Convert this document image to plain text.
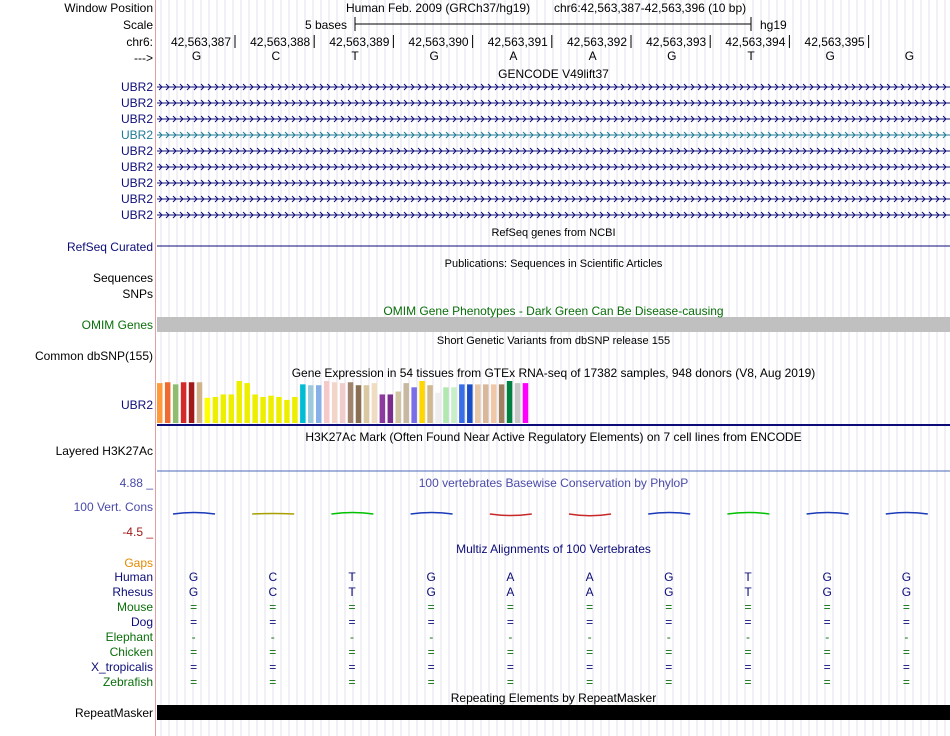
Window Position
Scale
chr6:
--->
Human Feb. 2009 (GRCh37/hg19) chr6:42,563,387-42,563,396 (10 bp)
5 bases	hg19
42,563,387	42,563,388	42,563,389	42,563,390	42,563,391	42,563,392	42,563,393	42,563,394	42,563,395
G	C	T	G	A	A	G	T	G	G
GENCODE V49lift37
UBR2
UBR2
UBR2
UBR2
UBR2
UBR2
UBR2
UBR2
UBR2
RefSeq genes from NCBI
RefSeq Curated
Publications: Sequences in Scientific Articles
Sequences
SNPs
OMIM Gene Phenotypes - Dark Green Can Be Disease-causing
OMIM Genes
Short Genetic Variants from dbSNP release 155
Common dbSNP(155)
Gene Expression in 54 tissues from GTEx RNA-seq of 17382 samples, 948 donors (V8, Aug 2019)
UBR2
H3K27Ac Mark (Often Found Near Active Regulatory Elements) on 7 cell lines from ENCODE
Layered H3K27Ac
100 vertebrates Basewise Conservation by PhyloP
4.88 _
100 Vert. Cons
-4.5 _
Multiz Alignments of 100 Vertebrates
Gaps
Human	G	C	T	G	A	A	G	T	G	G
Rhesus	G	C	T	G	A	A	G	T	G	G
Mouse	=	=	=	=	=	=	=	=	=	=
Dog	=	=	=	=	=	=	=	=	=	=
Elephant	-	-	-	-	-	-	-	-	-	-
Chicken	=	=	=	=	=	=	=	=	=	=
X_tropicalis	=	=	=	=	=	=	=	=	=	=
Zebrafish	=	=	=	=	=	=	=	=	=	=
Repeating Elements by RepeatMasker
RepeatMasker
